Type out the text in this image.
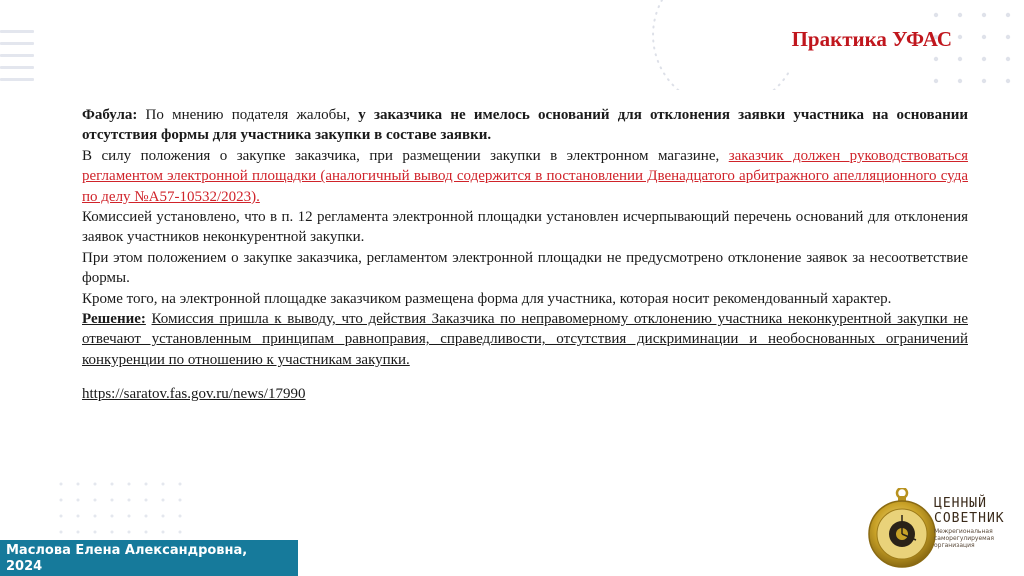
Практика УФАС

Фабула: По мнению подателя жалобы, у заказчика не имелось оснований для отклонения заявки участника на основании отсутствия формы для участника закупки в составе заявки.

В силу положения о закупке заказчика, при размещении закупки в электронном магазине, заказчик должен руководствоваться регламентом электронной площадки (аналогичный вывод содержится в постановлении Двенадцатого арбитражного апелляционного суда по делу №А57-10532/2023).

Комиссией установлено, что в п. 12 регламента электронной площадки установлен исчерпывающий перечень оснований для отклонения заявок участников неконкурентной закупки.

При этом положением о закупке заказчика, регламентом электронной площадки не предусмотрено отклонение заявок за несоответствие формы.

Кроме того, на электронной площадке заказчиком размещена форма для участника, которая носит рекомендованный характер.

Решение: Комиссия пришла к выводу, что действия Заказчика по неправомерному отклонению участника неконкурентной закупки не отвечают установленным принципам равноправия, справедливости, отсутствия дискриминации и необоснованных ограничений конкуренции по отношению к участникам закупки.

https://saratov.fas.gov.ru/news/17990

Маслова Елена Александровна,
2024
ЦЕННЫЙ
СОВЕТНИК
Межрегиональная саморегулируемая организация
